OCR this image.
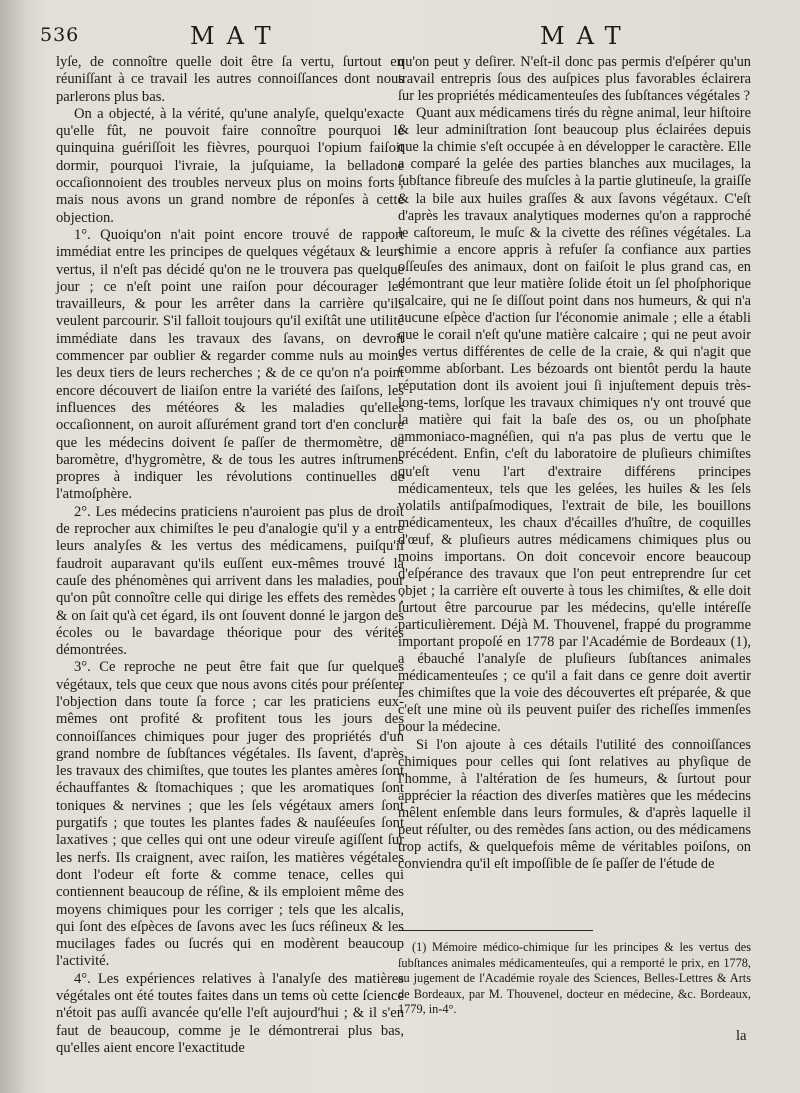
536	MAT	MAT

lyſe, de connoître quelle doit être ſa vertu, ſurtout en réuniſſant à ce travail les autres connoiſſances dont nous parlerons plus bas.

On a objecté, à la vérité, qu'une analyſe, quelqu'exacte qu'elle fût, ne pouvoit faire connoître pourquoi le quinquina guériſſoit les fièvres, pourquoi l'opium faiſoit dormir, pourquoi l'ivraie, la juſquiame, la belladone occaſionnoient des troubles nerveux plus on moins forts ; mais nous avons un grand nombre de réponſes à cette objection.

1°. Quoiqu'on n'ait point encore trouvé de rapport immédiat entre les principes de quelques végétaux & leurs vertus, il n'eſt pas décidé qu'on ne le trouvera pas quelque jour ; ce n'eſt point une raiſon pour décourager les travailleurs, & pour les arrêter dans la carrière qu'ils veulent parcourir. S'il falloit toujours qu'il exiſtât une utilité immédiate dans les travaux des ſavans, on devroit commencer par oublier & regarder comme nuls au moins les deux tiers de leurs recherches ; & de ce qu'on n'a point encore découvert de liaiſon entre la variété des ſaiſons, les influences des météores & les maladies qu'elles occaſionnent, on auroit aſſurément grand tort d'en conclure que les médecins doivent ſe paſſer de thermomètre, de baromètre, d'hygromètre, & de tous les autres inſtrumens propres à indiquer les révolutions continuelles de l'atmoſphère.

2°. Les médecins praticiens n'auroient pas plus de droit de reprocher aux chimiſtes le peu d'analogie qu'il y a entre leurs analyſes & les vertus des médicamens, puiſqu'il faudroit auparavant qu'ils euſſent eux-mêmes trouvé la cauſe des phénomènes qui arrivent dans les maladies, pour qu'on pût connoître celle qui dirige les effets des remèdes ; & on ſait qu'à cet égard, ils ont ſouvent donné le jargon des écoles ou le bavardage théorique pour des vérités démontrées.

3°. Ce reproche ne peut être fait que ſur quelques végétaux, tels que ceux que nous avons cités pour préſenter l'objection dans toute ſa force ; car les praticiens eux-mêmes ont profité & profitent tous les jours des connoiſſances chimiques pour juger des propriétés d'un grand nombre de ſubſtances végétales. Ils ſavent, d'après les travaux des chimiſtes, que toutes les plantes amères ſont échauffantes & ſtomachiques ; que les aromatiques ſont toniques & nervines ; que les ſels végétaux amers ſont purgatifs ; que toutes les plantes fades & nauſéeuſes ſont laxatives ; que celles qui ont une odeur vireuſe agiſſent ſur les nerfs. Ils craignent, avec raiſon, les matières végétales dont l'odeur eſt forte & comme tenace, celles qui contiennent beaucoup de réſine, & ils emploient même des moyens chimiques pour les corriger ; tels que les alcalis, qui ſont des eſpèces de ſavons avec les ſucs réſineux & les mucilages fades ou ſucrés qui en modèrent beaucoup l'activité.

4°. Les expériences relatives à l'analyſe des matières végétales ont été toutes faites dans un tems où cette ſcience n'étoit pas auſſi avancée qu'elle l'eſt aujourd'hui ; & il s'en faut de beaucoup, comme je le démontrerai plus bas, qu'elles aient encore l'exactitude

qu'on peut y deſirer. N'eſt-il donc pas permis d'eſpérer qu'un travail entrepris ſous des auſpices plus favorables éclairera ſur les propriétés médicamenteuſes des ſubſtances végétales ?

Quant aux médicamens tirés du règne animal, leur hiſtoire & leur adminiſtration ſont beaucoup plus éclairées depuis que la chimie s'eſt occupée à en développer le caractère. Elle a comparé la gelée des parties blanches aux mucilages, la ſubſtance fibreuſe des muſcles à la partie glutineuſe, la graiſſe & la bile aux huiles graſſes & aux ſavons végétaux. C'eſt d'après les travaux analytiques modernes qu'on a rapproché le caſtoreum, le muſc & la civette des réſines végétales. La chimie a encore appris à refuſer ſa confiance aux parties oſſeuſes des animaux, dont on faiſoit le plus grand cas, en démontrant que leur matière ſolide étoit un ſel phoſphorique calcaire, qui ne ſe diſſout point dans nos humeurs, & qui n'a aucune eſpèce d'action ſur l'économie animale ; elle a établi que le corail n'eſt qu'une matière calcaire ; qui ne peut avoir des vertus différentes de celle de la craie, & qui n'agit que comme abſorbant. Les bézoards ont bientôt perdu la haute réputation dont ils avoient joui ſi injuſtement depuis très-long-tems, lorſque les travaux chimiques n'y ont trouvé que la matière qui fait la baſe des os, ou un phoſphate ammoniaco-magnéſien, qui n'a pas plus de vertu que le précédent. Enfin, c'eſt du laboratoire de pluſieurs chimiſtes qu'eſt venu l'art d'extraire différens principes médicamenteux, tels que les gelées, les huiles & les ſels volatils antiſpaſmodiques, l'extrait de bile, les bouillons médicamenteux, les chaux d'écailles d'huître, de coquilles d'œuf, & pluſieurs autres médicamens chimiques plus ou moins importans. On doit concevoir encore beaucoup d'eſpérance des travaux que l'on peut entreprendre ſur cet objet ; la carrière eſt ouverte à tous les chimiſtes, & elle doit ſurtout être parcourue par les médecins, qu'elle intéreſſe particulièrement. Déjà M. Thouvenel, frappé du programme important propoſé en 1778 par l'Académie de Bordeaux (1), a ébauché l'analyſe de pluſieurs ſubſtances animales médicamenteuſes ; ce qu'il a fait dans ce genre doit avertir les chimiſtes que la voie des découvertes eſt préparée, & que c'eſt une mine où ils peuvent puiſer des richeſſes immenſes pour la médecine.

Si l'on ajoute à ces détails l'utilité des connoiſſances chimiques pour celles qui ſont relatives au phyſique de l'homme, à l'altération de ſes humeurs, & ſurtout pour apprécier la réaction des diverſes matières que les médecins mêlent enſemble dans leurs formules, & d'après laquelle il peut réſulter, ou des remèdes ſans action, ou des médicamens trop actifs, & quelquefois même de véritables poiſons, on conviendra qu'il eſt impoſſible de ſe paſſer de l'étude de

(1) Mémoire médico-chimique ſur les principes & les vertus des ſubſtances animales médicamenteuſes, qui a remporté le prix, en 1778, au jugement de l'Académie royale des Sciences, Belles-Lettres & Arts de Bordeaux, par M. Thouvenel, docteur en médecine, &c. Bordeaux, 1779, in-4°.

la
